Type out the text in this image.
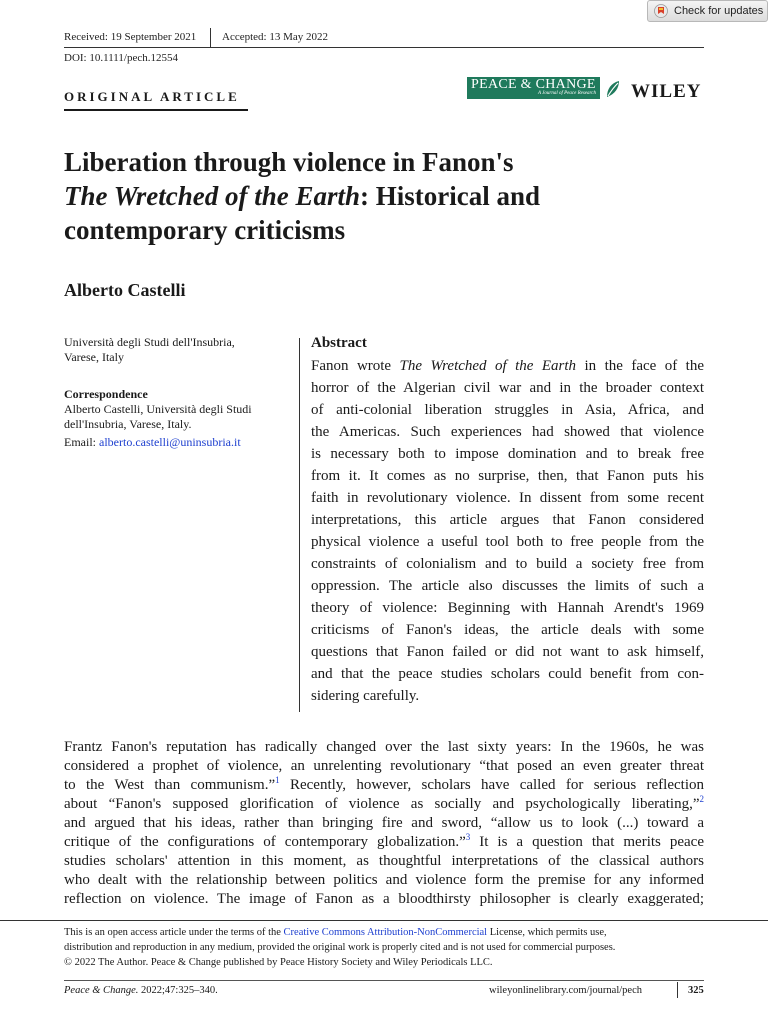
Check for updates
Received: 19 September 2021 Accepted: 13 May 2022
DOI: 10.1111/pech.12554
ORIGINAL ARTICLE
PEACE & CHANGE
A Journal of Peace Research WILEY
Liberation through violence in Fanon's
The Wretched of the Earth: Historical and
contemporary criticisms
Alberto Castelli
Università degli Studi dell'Insubria,
Varese, Italy
Correspondence
Alberto Castelli, Università degli Studi
dell'Insubria, Varese, Italy.
Email: alberto.castelli@uninsubria.it
Abstract
Fanon wrote The Wretched of the Earth in the face of the
horror of the Algerian civil war and in the broader context
of anti-colonial liberation struggles in Asia, Africa, and
the Americas. Such experiences had showed that violence
is necessary both to impose domination and to break free
from it. It comes as no surprise, then, that Fanon puts his
faith in revolutionary violence. In dissent from some recent
interpretations, this article argues that Fanon considered
physical violence a useful tool both to free people from the
constraints of colonialism and to build a society free from
oppression. The article also discusses the limits of such a
theory of violence: Beginning with Hannah Arendt's 1969
criticisms of Fanon's ideas, the article deals with some
questions that Fanon failed or did not want to ask himself,
and that the peace studies scholars could benefit from con-
sidering carefully.
Frantz Fanon's reputation has radically changed over the last sixty years: In the 1960s, he was
considered a prophet of violence, an unrelenting revolutionary “that posed an even greater threat
to the West than communism.”$^1$ Recently, however, scholars have called for serious reflection
about “Fanon's supposed glorification of violence as socially and psychologically liberating,”$^2$
and argued that his ideas, rather than bringing fire and sword, “allow us to look (...) toward a
critique of the configurations of contemporary globalization.”$^3$ It is a question that merits peace
studies scholars' attention in this moment, as thoughtful interpretations of the classical authors
who dealt with the relationship between politics and violence form the premise for any informed
reflection on violence. The image of Fanon as a bloodthirsty philosopher is clearly exaggerated;
This is an open access article under the terms of the Creative Commons Attribution-NonCommercial License, which permits use,
distribution and reproduction in any medium, provided the original work is properly cited and is not used for commercial purposes.
© 2022 The Author. Peace & Change published by Peace History Society and Wiley Periodicals LLC.
Peace & Change. 2022;47:325–340.	wileyonlinelibrary.com/journal/pech	325
